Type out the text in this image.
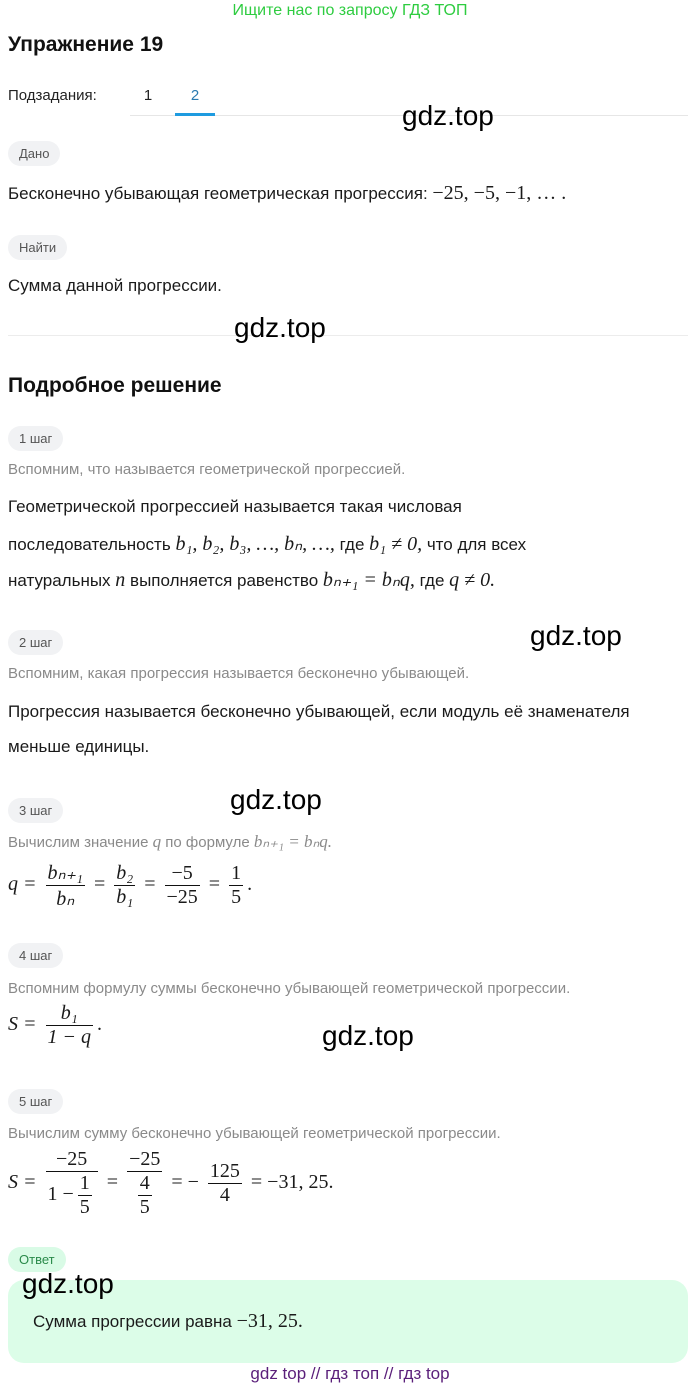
Ищите нас по запросу ГДЗ ТОП
Упражнение 19
Подзадания:	1	2
gdz.top
Дано
Бесконечно убывающая геометрическая прогрессия: −25, −5, −1, … .
Найти
Сумма данной прогрессии.
gdz.top
Подробное решение
1 шаг
Вспомним, что называется геометрической прогрессией.
Геометрической прогрессией называется такая числовая
последовательность b₁, b₂, b₃, …, bₙ, …, где b₁ ≠ 0, что для всех
натуральных n выполняется равенство bₙ₊₁ = bₙq, где q ≠ 0.
gdz.top
2 шаг
Вспомним, какая прогрессия называется бесконечно убывающей.
Прогрессия называется бесконечно убывающей, если модуль её знаменателя
меньше единицы.
gdz.top
3 шаг
Вычислим значение q по формуле bₙ₊₁ = bₙq.
$q = \frac{\text{bₙ₊₁}}{\text{bₙ}} = \frac{\text{b₂}}{\text{b₁}} = \frac{-5}{-25} = \frac{1}{5}$ .
4 шаг
Вспомним формулу суммы бесконечно убывающей геометрической прогрессии.
$S = \frac{\text{b₁}}{1 - q}$ .	gdz.top
5 шаг
Вычислим сумму бесконечно убывающей геометрической прогрессии.
$S = \frac{-25}{1 - \frac{1}{5}} = \frac{-25}{\frac{4}{5}}$ = − $\frac{125}{4} = -31$, 25.
Ответ
gdz.top
Сумма прогрессии равна −31, 25.
gdz top // гдз топ // гдз top
